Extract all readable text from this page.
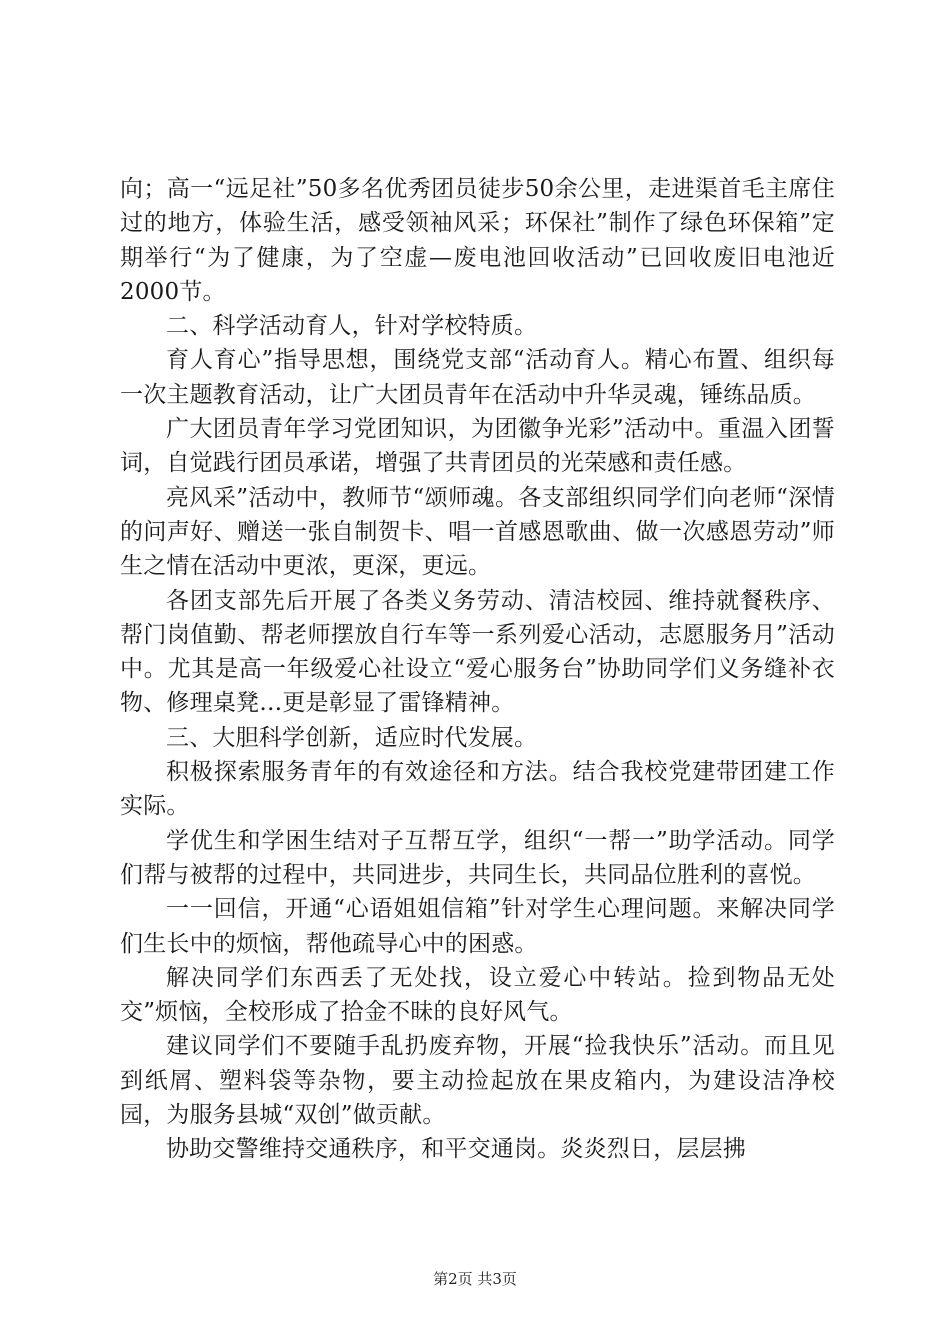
向；高一“远足社”50多名优秀团员徒步50余公里，走进渠首毛主席住过的地方，体验生活，感受领袖风采；环保社”制作了绿色环保箱”定期举行“为了健康，为了空虚—废电池回收活动”已回收废旧电池近2000节。

二、科学活动育人，针对学校特质。

育人育心”指导思想，围绕党支部“活动育人。精心布置、组织每一次主题教育活动，让广大团员青年在活动中升华灵魂，锤练品质。

广大团员青年学习党团知识，为团徽争光彩”活动中。重温入团誓词，自觉践行团员承诺，增强了共青团员的光荣感和责任感。

亮风采”活动中，教师节“颂师魂。各支部组织同学们向老师“深情的问声好、赠送一张自制贺卡、唱一首感恩歌曲、做一次感恩劳动”师生之情在活动中更浓，更深，更远。

各团支部先后开展了各类义务劳动、清洁校园、维持就餐秩序、帮门岗值勤、帮老师摆放自行车等一系列爱心活动，志愿服务月”活动中。尤其是高一年级爱心社设立“爱心服务台”协助同学们义务缝补衣物、修理桌凳…更是彰显了雷锋精神。

三、大胆科学创新，适应时代发展。

积极探索服务青年的有效途径和方法。结合我校党建带团建工作实际。

学优生和学困生结对子互帮互学，组织“一帮一”助学活动。同学们帮与被帮的过程中，共同进步，共同生长，共同品位胜利的喜悦。

一一回信，开通“心语姐姐信箱”针对学生心理问题。来解决同学们生长中的烦恼，帮他疏导心中的困惑。

解决同学们东西丢了无处找，设立爱心中转站。捡到物品无处交”烦恼，全校形成了拾金不昧的良好风气。

建议同学们不要随手乱扔废弃物，开展“捡我快乐”活动。而且见到纸屑、塑料袋等杂物，要主动捡起放在果皮箱内，为建设洁净校园，为服务县城“双创”做贡献。

协助交警维持交通秩序，和平交通岗。炎炎烈日，层层拂

第2页 共3页
